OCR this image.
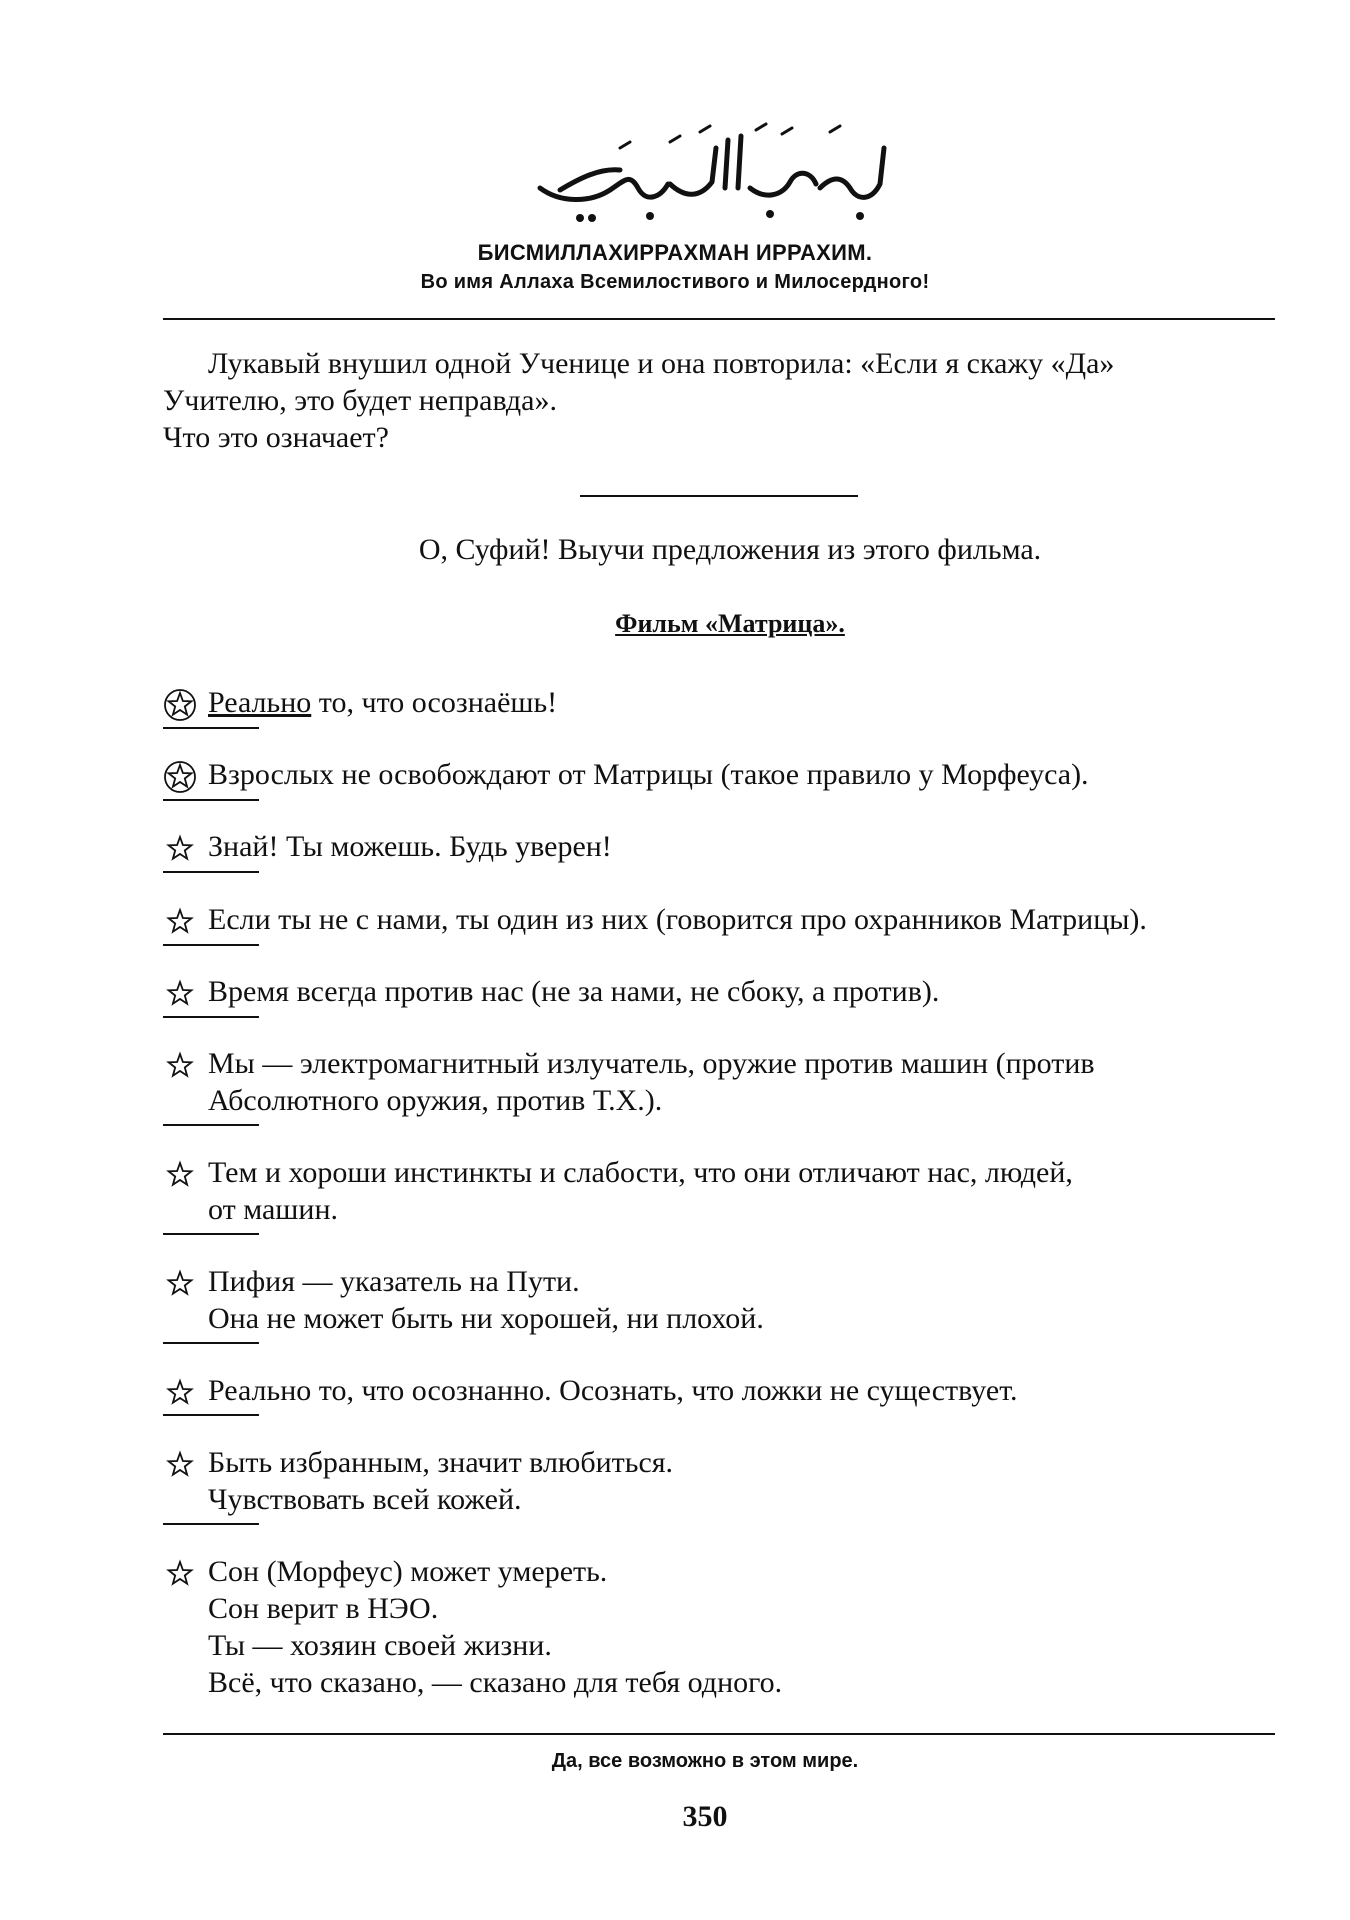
БИСМИЛЛАХИРРАХМАН ИРРАХИМ.
Во имя Аллаха Всемилостивого и Милосердного!
Лукавый внушил одной Ученице и она повторила: «Если я скажу «Да»
Учителю, это будет неправда».
Что это означает?
О, Суфий! Выучи предложения из этого фильма.
Фильм «Матрица».
Реально то, что осознаёшь!
Взрослых не освобождают от Матрицы (такое правило у Морфеуса).
Знай! Ты можешь. Будь уверен!
Если ты не с нами, ты один из них (говорится про охранников Матрицы).
Время всегда против нас (не за нами, не сбоку, а против).
Мы — электромагнитный излучатель, оружие против машин (против
Абсолютного оружия, против Т.Х.).
Тем и хороши инстинкты и слабости, что они отличают нас, людей,
от машин.
Пифия — указатель на Пути.
Она не может быть ни хорошей, ни плохой.
Реально то, что осознанно. Осознать, что ложки не существует.
Быть избранным, значит влюбиться.
Чувствовать всей кожей.
Сон (Морфеус) может умереть.
Сон верит в НЭО.
Ты — хозяин своей жизни.
Всё, что сказано, — сказано для тебя одного.
Да, все возможно в этом мире.
350
